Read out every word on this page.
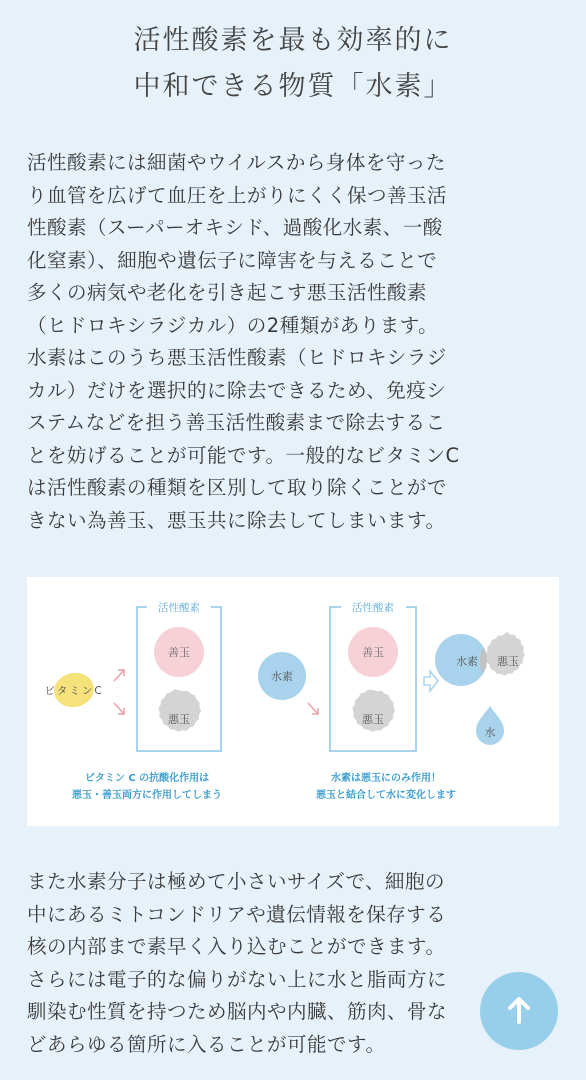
活性酸素を最も効率的に
中和できる物質「水素」
活性酸素には細菌やウイルスから身体を守った
り血管を広げて血圧を上がりにくく保つ善玉活
性酸素（スーパーオキシド、過酸化水素、一酸
化窒素）、細胞や遺伝子に障害を与えることで
多くの病気や老化を引き起こす悪玉活性酸素
（ヒドロキシラジカル）の2種類があります。
水素はこのうち悪玉活性酸素（ヒドロキシラジ
カル）だけを選択的に除去できるため、免疫シ
ステムなどを担う善玉活性酸素まで除去するこ
とを妨げることが可能です。一般的なビタミンC
は活性酸素の種類を区別して取り除くことがで
きない為善玉、悪玉共に除去してしまいます。
活性酸素
善玉
悪玉
ビタミンC
ビタミン C の抗酸化作用は
悪玉・善玉両方に作用してしまう
活性酸素
善玉
悪玉
水素
水素 悪玉
水
水素は悪玉にのみ作用！
悪玉と結合して水に変化します
また水素分子は極めて小さいサイズで、細胞の
中にあるミトコンドリアや遺伝情報を保存する
核の内部まで素早く入り込むことができます。
さらには電子的な偏りがない上に水と脂両方に
馴染む性質を持つため脳内や内臓、筋肉、骨な
どあらゆる箇所に入ることが可能です。
